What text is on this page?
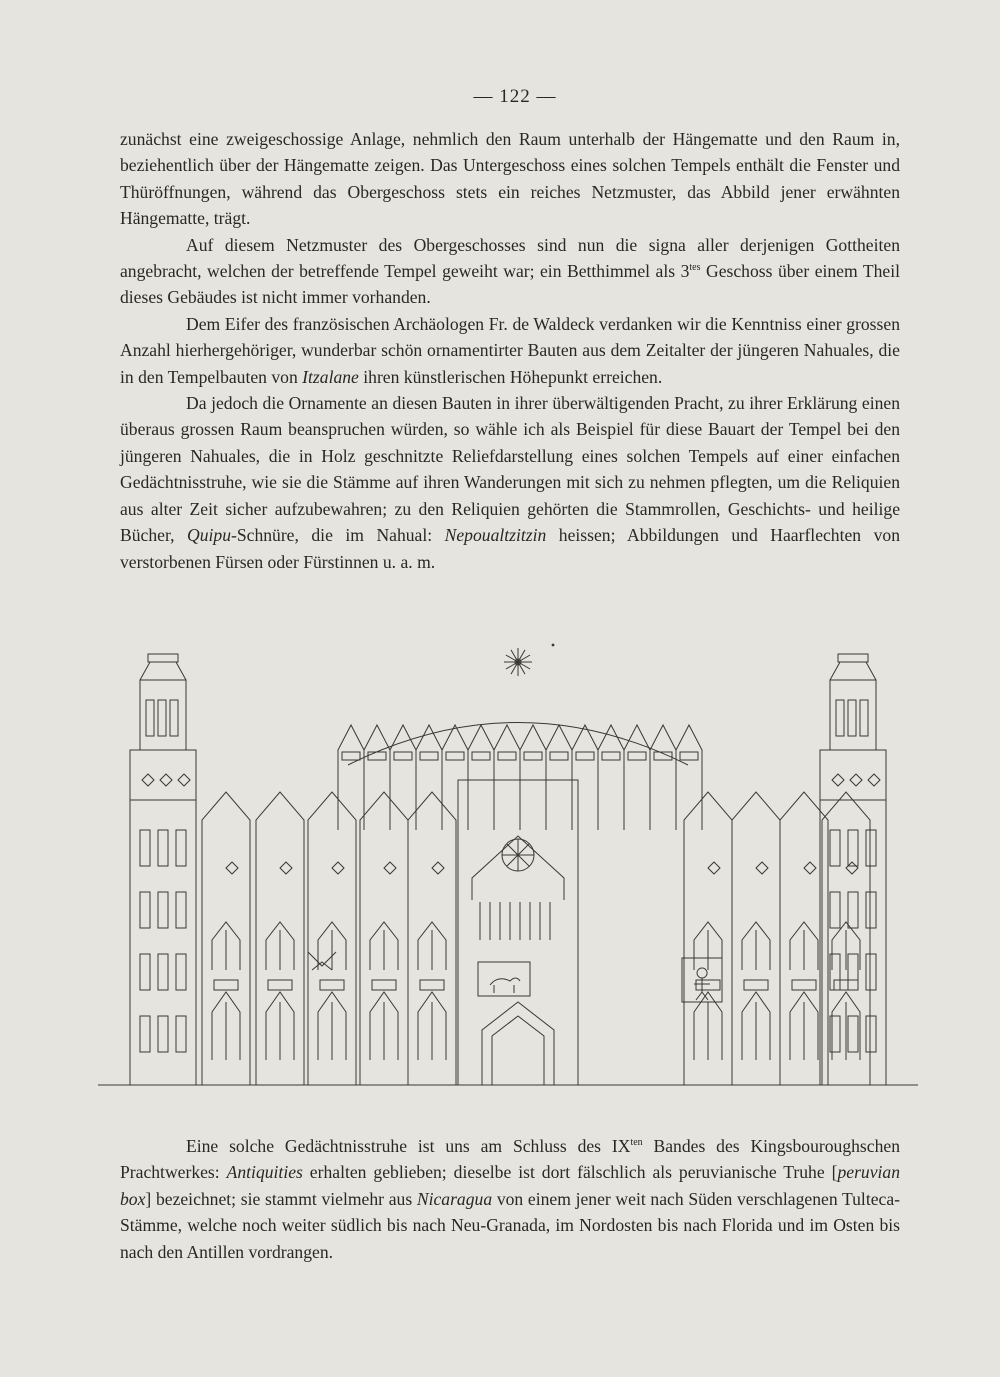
— 122 —

zunächst eine zweigeschossige Anlage, nehmlich den Raum unterhalb der Hängematte und den Raum in, beziehentlich über der Hängematte zeigen. Das Untergeschoss eines solchen Tempels enthält die Fenster und Thüröffnungen, während das Obergeschoss stets ein reiches Netzmuster, das Abbild jener erwähnten Hängematte, trägt.

Auf diesem Netzmuster des Obergeschosses sind nun die signa aller derjenigen Gottheiten angebracht, welchen der betreffende Tempel geweiht war; ein Betthimmel als $3^{tes}$ Geschoss über einem Theil dieses Gebäudes ist nicht immer vorhanden.

Dem Eifer des französischen Archäologen Fr. de Waldeck verdanken wir die Kenntniss einer grossen Anzahl hierhergehöriger, wunderbar schön ornamentirter Bauten aus dem Zeitalter der jüngeren Nahuales, die in den Tempelbauten von Itzalane ihren künstlerischen Höhepunkt erreichen.

Da jedoch die Ornamente an diesen Bauten in ihrer überwältigenden Pracht, zu ihrer Erklärung einen überaus grossen Raum beanspruchen würden, so wähle ich als Beispiel für diese Bauart der Tempel bei den jüngeren Nahuales, die in Holz geschnitzte Reliefdarstellung eines solchen Tempels auf einer einfachen Gedächtnisstruhe, wie sie die Stämme auf ihren Wanderungen mit sich zu nehmen pflegten, um die Reliquien aus alter Zeit sicher aufzubewahren; zu den Reliquien gehörten die Stammrollen, Geschichts- und heilige Bücher, Quipu-Schnüre, die im Nahual: Nepoualtzitzin heissen; Abbildungen und Haarflechten von verstorbenen Fürsen oder Fürstinnen u. a. m.

Eine solche Gedächtnisstruhe ist uns am Schluss des $IX^{ten}$ Bandes des Kingsbouroughschen Prachtwerkes: Antiquities erhalten geblieben; dieselbe ist dort fälschlich als peruvianische Truhe [peruvian box] bezeichnet; sie stammt vielmehr aus Nicaragua von einem jener weit nach Süden verschlagenen Tulteca-Stämme, welche noch weiter südlich bis nach Neu-Granada, im Nordosten bis nach Florida und im Osten bis nach den Antillen vordrangen.
